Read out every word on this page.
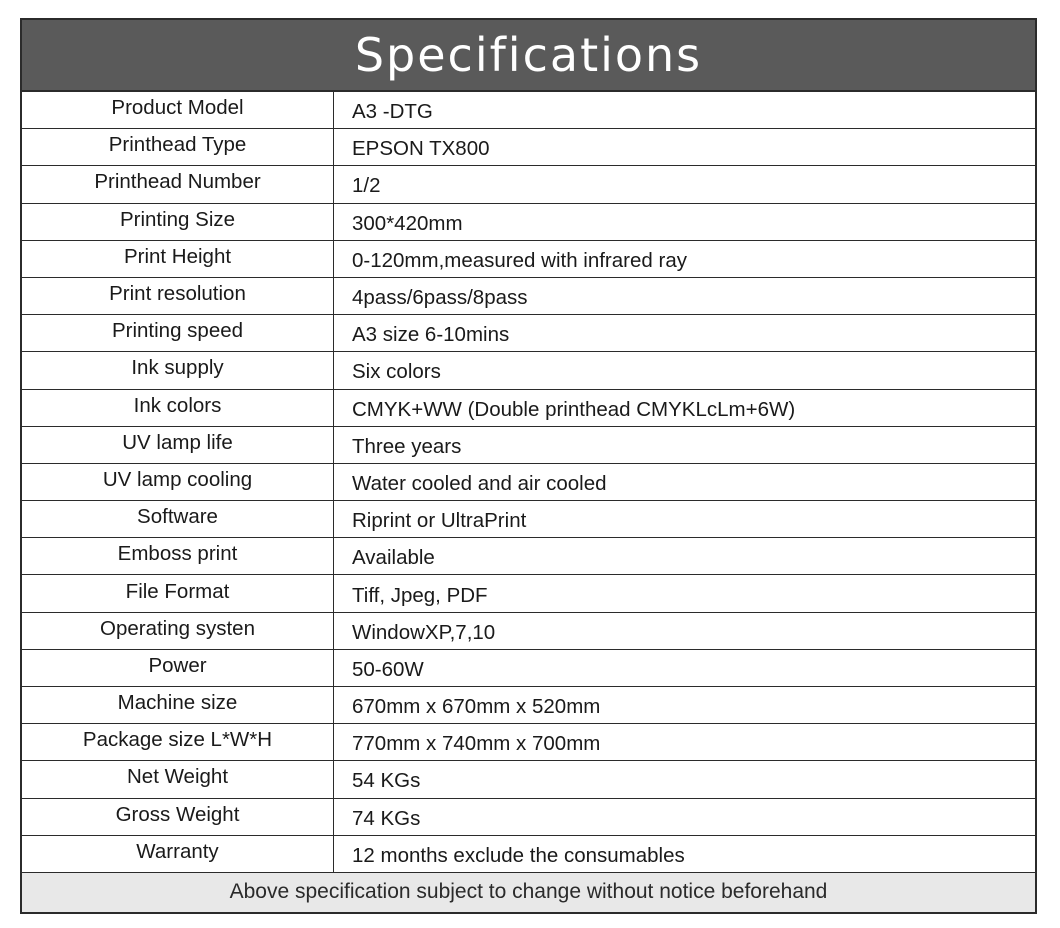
Specifications
Product Model	A3 -DTG
Printhead Type	EPSON TX800
Printhead Number	1/2
Printing Size	300*420mm
Print Height	0-120mm,measured with infrared ray
Print resolution	4pass/6pass/8pass
Printing speed	A3 size 6-10mins
Ink supply	Six colors
Ink colors	CMYK+WW (Double printhead CMYKLcLm+6W)
UV lamp life	Three years
UV lamp cooling	Water cooled and air cooled
Software	Riprint or UltraPrint
Emboss print	Available
File Format	Tiff, Jpeg, PDF
Operating systen	WindowXP,7,10
Power	50-60W
Machine size	670mm x 670mm x 520mm
Package size L*W*H	770mm x 740mm x 700mm
Net Weight	54 KGs
Gross Weight	74 KGs
Warranty	12 months exclude the consumables
Above specification subject to change without notice beforehand
